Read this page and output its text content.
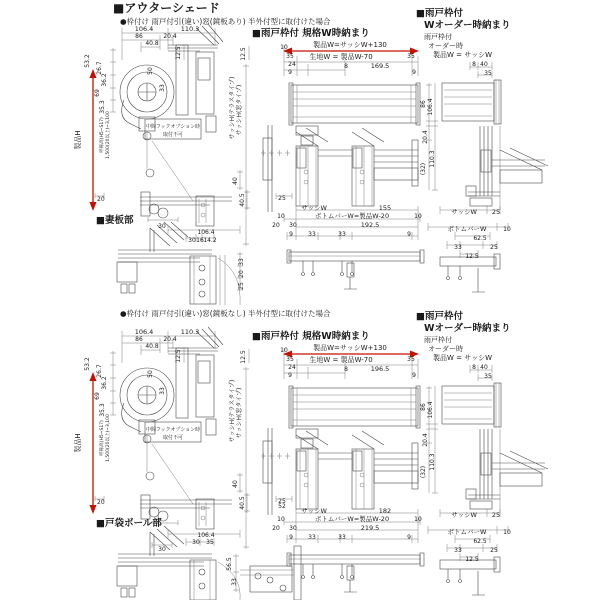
■アウターシェード
●枠付け 雨戸付引(違い)窓(鏡板あり) 半外付型に取付けた場合
●枠付け 雨戸付引(違い)窓(鏡板なし) 半外付型に取付けた場合
106.4	110.3
86	20.4
40.8
53.2
26.7
36.2
69
35.3
12.5
50
33
製品H	呼称高(H5~S17) 1,500(20以上)~3,100	中間フックオプション時
取付不可
20
30
■雨戸枠付 規格W時納まり
製品W=サッシW+130
生地W = 製品W-70
10
35
24
9
8	169.5
35
9
12.5
サッシH(テラスタイプ) サッシH(窓タイプ)
サッシW	155
10	ボトムバーW=製品W-20	10
192.5
20 30
9	33	33	9
40
40.5	25
■雨戸枠付
Wオーダー時納まり
雨戸枠付
オーダー時
製品W = サッシW
8 40
35
86 106.4
20.4
110.3
(32)
サッシW 25
ボトムバーW	10
62.5
33	25
12.5
■妻板部
106.4
30 16 14.2
33
20
25
106.4	110.3
86	20.4
40.8
53.2
26.7
36.2
69
35.3
12.5
50
33
製品H	呼称高(H5~S17) 1,500(20以上)~3,100	中間フックオプション時
取付不可
20
■雨戸枠付 規格W時納まり
製品W=サッシW+130
生地W = 製品W-70
10
35
24
9
8	196.5
35
9
12.5
サッシH(テラスタイプ) サッシH(窓タイプ)
52
サッシW	182
10	ボトムバーW=製品W-20	10
219.5
20 30
9	33	33	9
40
40.5	25
■雨戸枠付
Wオーダー時納まり
雨戸枠付
オーダー時
製品W = サッシW
8 40
35
86 106.4
20.4
110.3
(32)
サッシW 25
ボトムバーW	10
62.5
33	25
12.5
■戸袋ボール部
106.4
30 35
56.5
33
30
